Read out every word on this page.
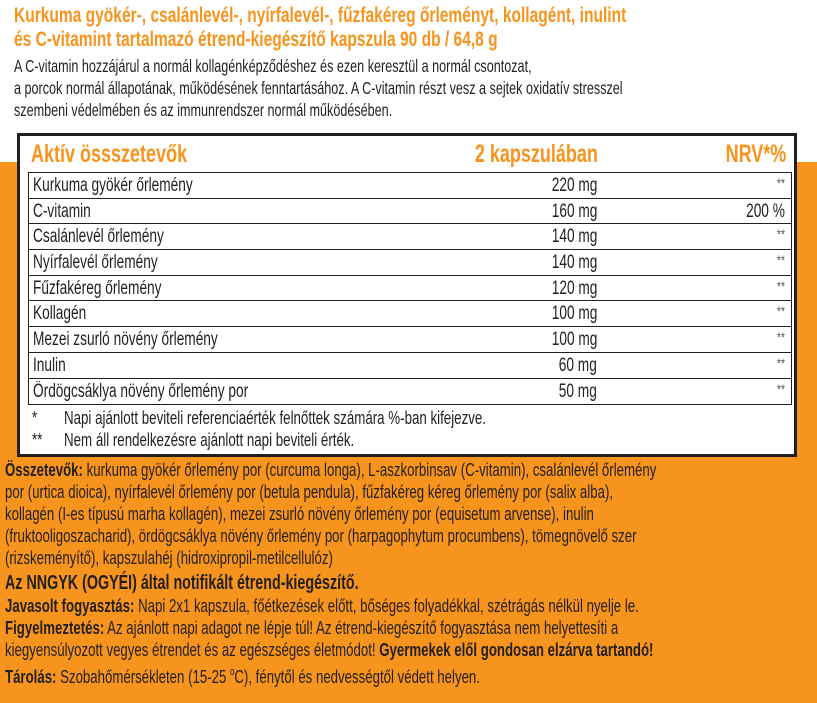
Kurkuma gyökér-, csalánlevél-, nyírfalevél-, fűzfakéreg őrleményt, kollagént, inulint
és C-vitamint tartalmazó étrend-kiegészítő kapszula 90 db / 64,8 g
A C-vitamin hozzájárul a normál kollagénképződéshez és ezen keresztül a normál csontozat,
a porcok normál állapotának, működésének fenntartásához. A C-vitamin részt vesz a sejtek oxidatív stresszel
szembeni védelmében és az immunrendszer normál működésében.
Aktív össszetevők	2 kapszulában	NRV*%
Kurkuma gyökér őrlemény	220 mg	**
C-vitamin	160 mg	200 %
Csalánlevél őrlemény	140 mg	**
Nyírfalevél őrlemény	140 mg	**
Fűzfakéreg őrlemény	120 mg	**
Kollagén	100 mg	**
Mezei zsurló növény őrlemény	100 mg	**
Inulin	60 mg	**
Ördögcsáklya növény őrlemény por	50 mg	**
* Napi ajánlott beviteli referenciaérték felnőttek számára %-ban kifejezve.
** Nem áll rendelkezésre ajánlott napi beviteli érték.

Összetevők: kurkuma gyökér őrlemény por (curcuma longa), L-aszkorbinsav (C-vitamin), csalánlevél őrlemény

por (urtica dioica), nyírfalevél őrlemény por (betula pendula), fűzfakéreg kéreg őrlemény por (salix alba),

kollagén (I-es típusú marha kollagén), mezei zsurló növény őrlemény por (equisetum arvense), inulin

(fruktooligoszacharid), ördögcsáklya növény őrlemény por (harpagophytum procumbens), tömegnövelő szer

(rizskeményítő), kapszulahéj (hidroxipropil-metilcellulóz)

Az NNGYK (OGYÉI) által notifikált étrend-kiegészítő.

Javasolt fogyasztás: Napi 2x1 kapszula, főétkezések előtt, bőséges folyadékkal, szétrágás nélkül nyelje le.

Figyelmeztetés: Az ajánlott napi adagot ne lépje túl! Az étrend-kiegészítő fogyasztása nem helyettesíti a

kiegyensúlyozott vegyes étrendet és az egészséges életmódot! Gyermekek elől gondosan elzárva tartandó!

Tárolás: Szobahőmérsékleten (15-25 $^o$C), fénytől és nedvességtől védett helyen.
